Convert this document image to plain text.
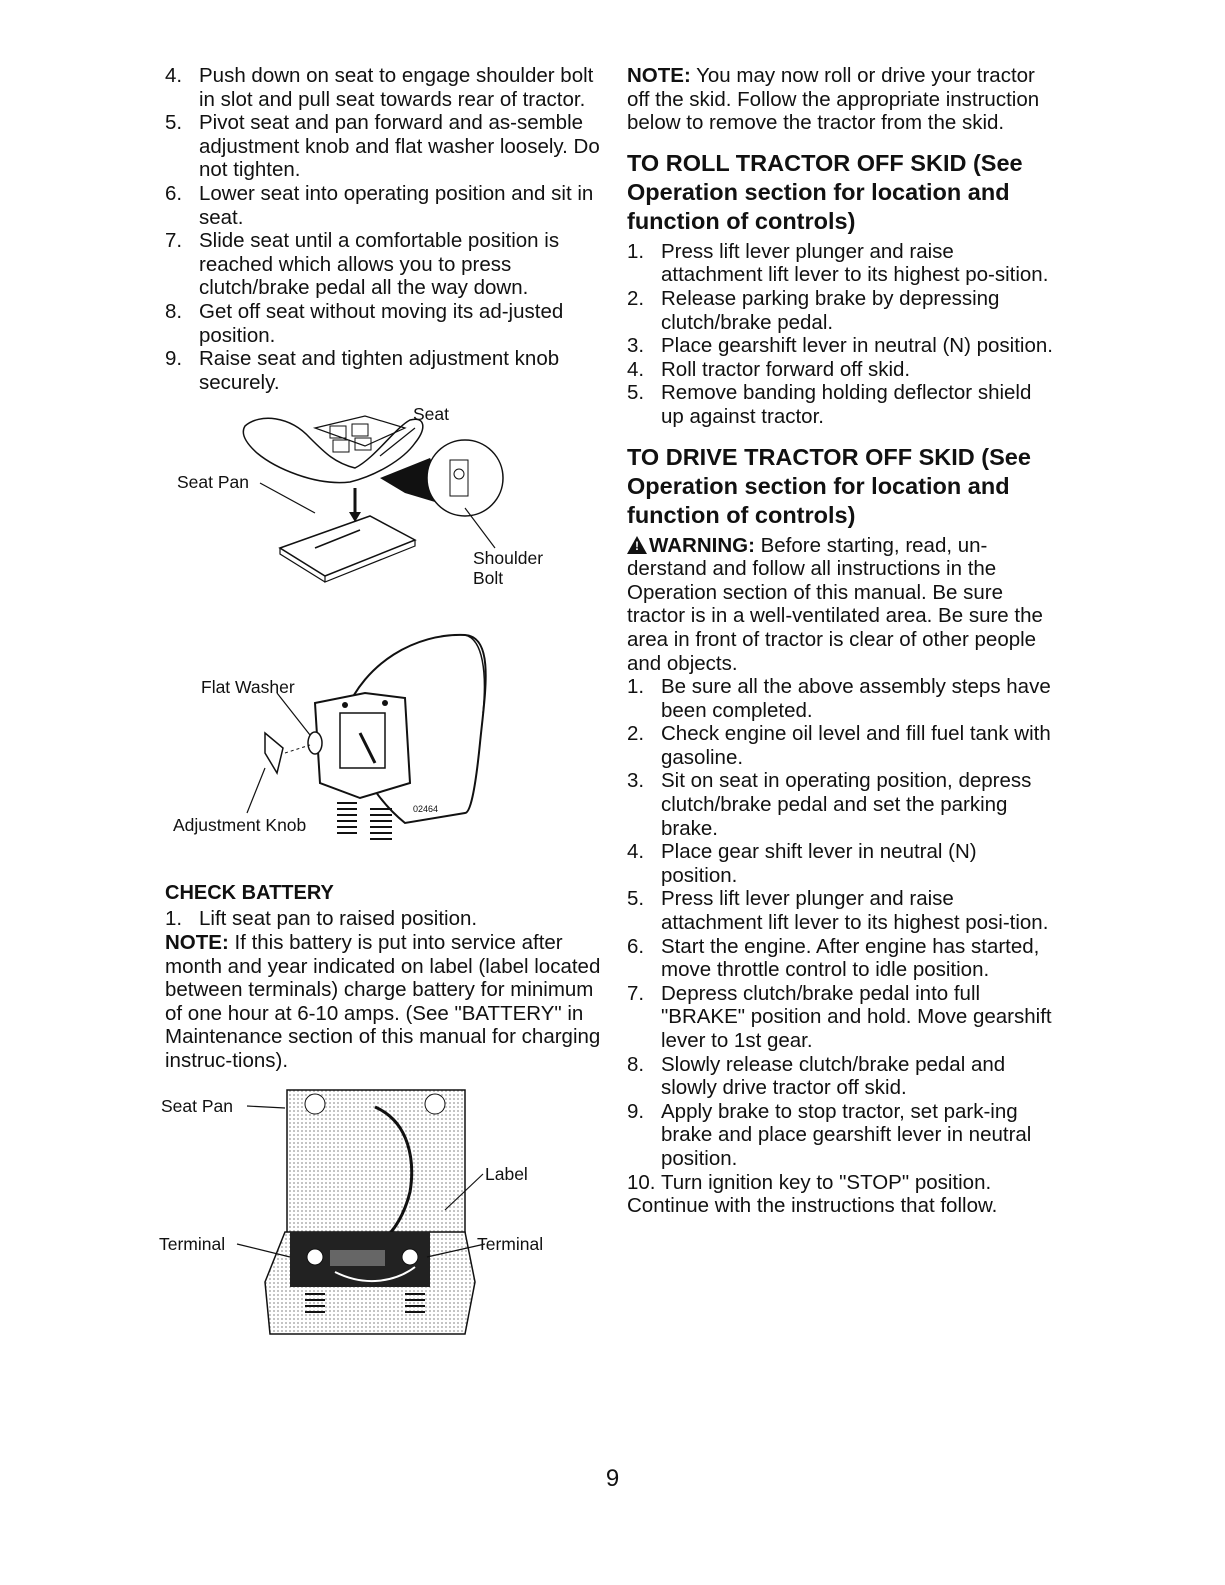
4. Push down on seat to engage shoulder bolt in slot and pull seat towards rear of tractor.
5. Pivot seat and pan forward and as-semble adjustment knob and flat washer loosely. Do not tighten.
6. Lower seat into operating position and sit in seat.
7. Slide seat until a comfortable position is reached which allows you to press clutch/brake pedal all the way down.
8. Get off seat without moving its ad-justed position.
9. Raise seat and tighten adjustment knob securely.
Seat
Seat Pan
Shoulder
Bolt
Flat Washer
Adjustment Knob
02464
CHECK BATTERY
1. Lift seat pan to raised position.
NOTE: If this battery is put into service after month and year indicated on label (label located between terminals) charge battery for minimum of one hour at 6-10 amps. (See "BATTERY" in Maintenance section of this manual for charging instruc-tions).
Seat Pan
Label
Terminal	Terminal
NOTE: You may now roll or drive your tractor off the skid. Follow the appropriate instruction below to remove the tractor from the skid.
TO ROLL TRACTOR OFF SKID (See Operation section for location and function of controls)
1. Press lift lever plunger and raise attachment lift lever to its highest po-sition.
2. Release parking brake by depressing clutch/brake pedal.
3. Place gearshift lever in neutral (N) position.
4. Roll tractor forward off skid.
5. Remove banding holding deflector shield up against tractor.
TO DRIVE TRACTOR OFF SKID (See Operation section for location and function of controls)
! WARNING: Before starting, read, un-derstand and follow all instructions in the Operation section of this manual. Be sure tractor is in a well-ventilated area. Be sure the area in front of tractor is clear of other people and objects.
1. Be sure all the above assembly steps have been completed.
2. Check engine oil level and fill fuel tank with gasoline.
3. Sit on seat in operating position, depress clutch/brake pedal and set the parking brake.
4. Place gear shift lever in neutral (N) position.
5. Press lift lever plunger and raise attachment lift lever to its highest posi-tion.
6. Start the engine. After engine has started, move throttle control to idle position.
7. Depress clutch/brake pedal into full "BRAKE" position and hold. Move gearshift lever to 1st gear.
8. Slowly release clutch/brake pedal and slowly drive tractor off skid.
9. Apply brake to stop tractor, set park-ing brake and place gearshift lever in neutral position.
10. Turn ignition key to "STOP" position.
Continue with the instructions that follow.
9
